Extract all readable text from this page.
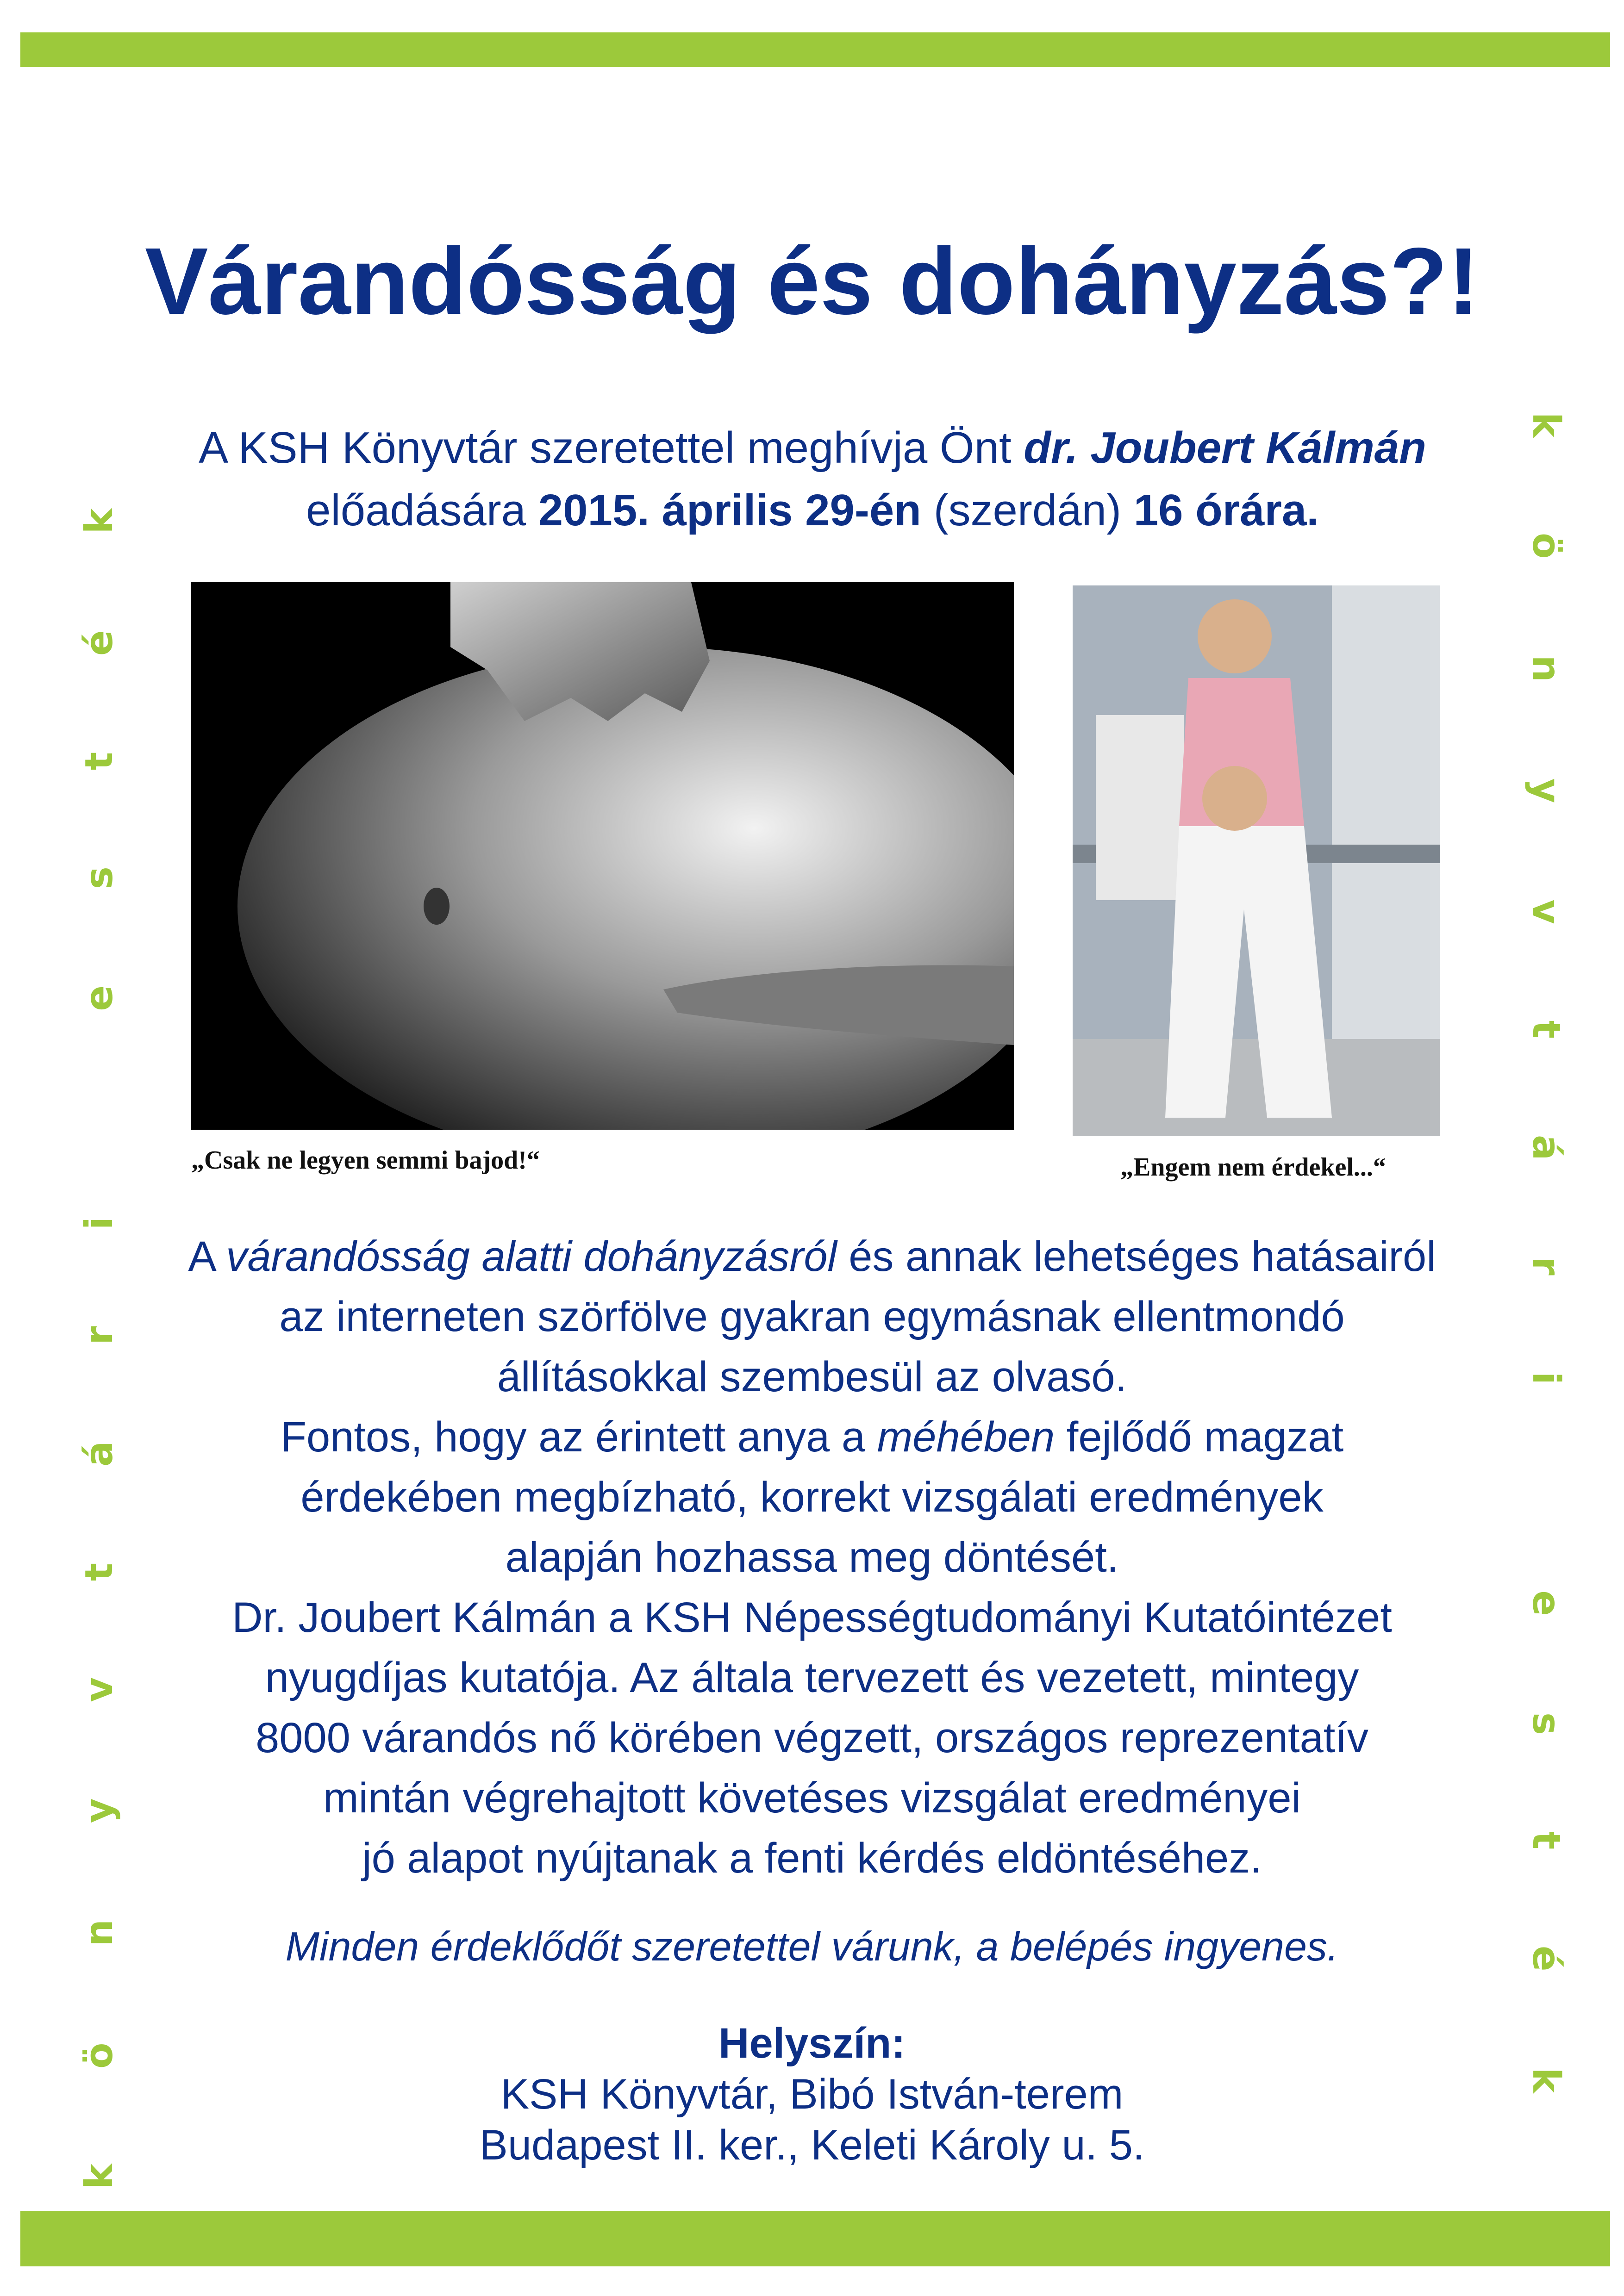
könyvtári esték	könyvtári esték
Várandósság és dohányzás?!
A KSH Könyvtár szeretettel meghívja Önt dr. Joubert Kálmán
előadására 2015. április 29-én (szerdán) 16 órára.
„Csak ne legyen semmi bajod!“	„Engem nem érdekel...“

A várandósság alatti dohányzásról és annak lehetséges hatásairól
az interneten szörfölve gyakran egymásnak ellentmondó
állításokkal szembesül az olvasó.

Fontos, hogy az érintett anya a méhében fejlődő magzat
érdekében megbízható, korrekt vizsgálati eredmények
alapján hozhassa meg döntését.

Dr. Joubert Kálmán a KSH Népességtudományi Kutatóintézet
nyugdíjas kutatója. Az általa tervezett és vezetett, mintegy
8000 várandós nő körében végzett, országos reprezentatív
mintán végrehajtott követéses vizsgálat eredményei
jó alapot nyújtanak a fenti kérdés eldöntéséhez.

Minden érdeklődőt szeretettel várunk, a belépés ingyenes.
Helyszín:
KSH Könyvtár, Bibó István-terem
Budapest II. ker., Keleti Károly u. 5.
